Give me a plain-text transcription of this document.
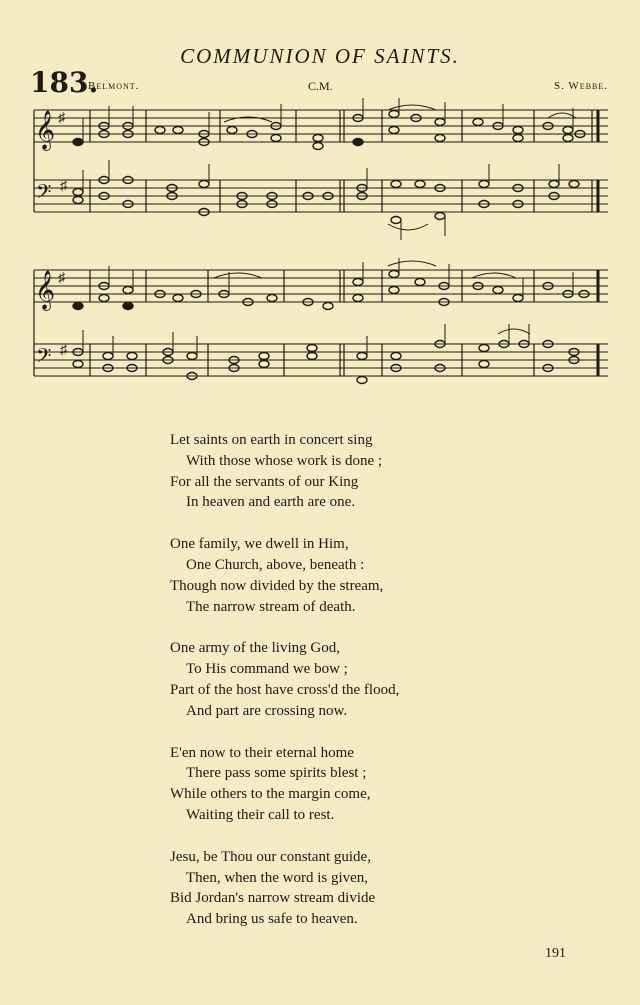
COMMUNION OF SAINTS.
183.
Belmont.	C.M.	S. Webbe.
𝄞
𝄢
♯
♯
𝄞
𝄢
♯
♯
Let saints on earth in concert sing
With those whose work is done ;
For all the servants of our King
In heaven and earth are one.
One family, we dwell in Him,
One Church, above, beneath :
Though now divided by the stream,
The narrow stream of death.
One army of the living God,
To His command we bow ;
Part of the host have cross'd the flood,
And part are crossing now.
E'en now to their eternal home
There pass some spirits blest ;
While others to the margin come,
Waiting their call to rest.
Jesu, be Thou our constant guide,
Then, when the word is given,
Bid Jordan's narrow stream divide
And bring us safe to heaven.
191
